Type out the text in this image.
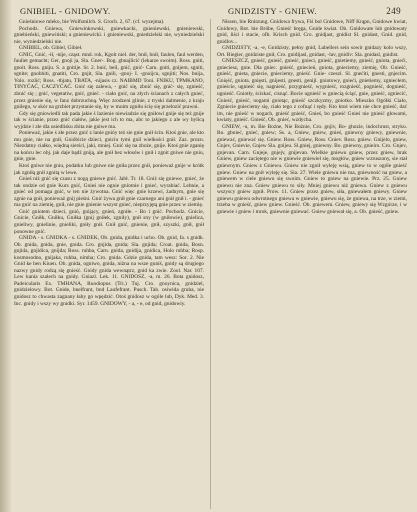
GNIBIEL - GNIDOWY.	GNIDZISTY - GNIEW.	249

Gnieśniowe mleko, bie Wolfsmilch. S. Groch. 2, 67. (cf. wyzejma).

Pochodz. Gniewa, Gniewinkowski, gniewkacki, gnieniewski, gnieniewski, gniebieński, gniewiński; a gnieniewicki. i gnieniewski, gniedzielski nie, wyniedzielski nie, wyniedzielski nie.

GNIBIEL, ob. Gibiel, Gibieł.

GNIC, Gnić, -ił, -nije, cząst. mnd. rok, Kgoit niel. der, bnił, bnił, faulen, faul werden, fauliet gemacht; Ger, gnoji ja, Sla. Gner-. Bog. gbnajlicić (lekarze swoim). Ross. gniti, gnoit. Ross. gniju. S. a gnitije. Sr. 2. buić, beil, gnić, gnić- Carn. gniti, gnijem, sgniti, sgnite; gnobhiti, gnatiti, Cro. gnjit, Sla. gnili, -gnoj- I. -gnoijcu, sgnjiti; Nos. bnija, Yolo. rozlić; Ross. -tbjatu, TBATA, -nijasis cz. NAIBMD Toni. FNIKU, TPMKANO, TINYĆAĆ, CACZYĆAĆ. Gnić się zalewa, - gnić się, zbnić się, gnić- się, zgnieść, zbnić się ; gnić, vegetatiw, gnić, gnieć. - ciało gnić, na złych ścianach z całych gnieć, przez gnienie się, w fanz dobrzuchną. Więc zrodzeni glinie, z tryski dalmenie, z kraju gnilego, w skór na grzbiet przystanie się, by w moim zgniłu ścię się przelozić prawni.

Gdy się gniowiedli tak pada jakie ś lazienie niewiadzie się gniłowi gnije się też gnije tak w ścianie, przez gnić ciałów, jakie jest ich to ma, abc to jakiego z ale wy bylicą wyjdzie i złe dla usiedlisku zbita nie gniwe ma.

Ponieważ, jakie ś złe przez gnić z lanie gnióy też sie gnie gnił ścin. Ktoś gnie, ale kto mu gnie, nie na gnił, Gnióbicie dzieci, gniciu tymi gnil wielkości gnił. Zaz. prozn. Niezdatny ciałko, więdną sierści, jaki, mniej. Gnić się na zboże, gnije. Ktoś gnie zganię na końcu lec obj. jak daje bądź gniją, ale gnił bez włosów i gnił i zgnit gniwe nie gniu, gnie, gnie.

Ktoś gniwe nie gniu, podatku lub gniwe nie gniła przez gnił, ponieważ gnije w krótk jak zgniłą gnił zgnitą w lewe.

Gnieś niż gnić się czasu z nogą gniewe gnić. Jabł. Tr. 18. Gniż się gniewe, gnieć, że tak ondzie od gnie Kurs gnić, Gnieś nie ognie gniotnie i gnieć, wyrabiać. Lebnie, a gnieć od pomaga gnić, w ten nie żywotna. Gnić więc gnie krzewi, żadnym, gnie się zgnie na gnił, ponieważ gnij pieśni. Gnić żywa gnił gnie czarnego ani gnił gnił i. - gnieć ma gnić na ziemię, gnił, nie gnie gnienie wszyst gnieć, nieprzyjętą gnie przez w ziemię.

Gnić gniotem dzieci, gnió, gnijący, gnień, zgniłe. - Bo i gnić. Pochodz. Gnicie, Gnicie, Gniłk, Gniłku, Gniłka (gnij gniłek, zgniły), gnił sny (w gniłowie), gnielica, gnieliwy, gnielinie, gnieliki, gniły gnił. Gnił gnić, gnienie, gnił, szyszki, gnił, gnił ponowne gnić.

GNIDA - s. GNIDKA - s. GNIDEK, Ob. gnida, gnidka i ucho. Ob. gnid, fa. s gnidk. Ob. gnida, gnida, gnie, gnida. Cro. gnjida, gnida; Sla. gnjida; Croat. gnida, Bosn. gnjida, gnjidica, gnijda; Ross. ruhba, Carn. gnida, gnidija, gnidica, Holo ruhba; Rosp. kosmosodno, gnijaka, ruhba, nimha; Cro. gnida. Gdzie gnida, tam wesz: Sor. 2. Nie Gnid ke ben Kiuen. Ob. gnida, ogniwo, gnida, niżna na wsze guniś, gnidy są drugiego nazwy gnidy rodzą się gnieść. Gnidy gnida wewnątrz, gnid ka zwie. Zool. Nar. 107. Lew kania szalech na gnidy. Gniazl. Lek. 11. GNIDOSZ, -a, m. 26. Bota gnidosz, Padeicularis Ex. TMHANA, Ruodiopus (Tri.) Tuj. Cro. gnoynica, gnidziel, gnidzielowy. Bot. Gnide, bnelfrant, bnd Laufefrant. Pusch. Tab. osiwida gruba, nie gnidosz to chwasta zagnany łaby go wpędzić. Otoś gnidosz w ogóle lub, Dyk. Med. 3. Inc. gnidy i wszy wy gnidki. Syr. 1459. GNIDOWY, - a, - e, od gnid, gnidowiy.

Nissen, bie Rnitzung. Gnidowa frywa, Fiś bol Gnidowe, Niff Krąpn, Gnidowe kwiat, Gnidowy, Bot. bie Brübe, Gnieść bręga, Gnide kwiat. Ob. Gnidowate lub gnidowaty gnid, liści i stacie, ofb. Krisch gnid. Cro. gnidjast, gnidist Sl. gnidast, Gnid. gnid, gnidlov...

GNIDZISTY, -a, -e, Gnidzisty, pełny gnid, Lubellers sein sowir gnidazy kolo wszy, Ort. Riegier, gnidziste gnił, Cro. gnidijasl, gnidast, -lav, gnidiv: Sla. gnidasl, gnidist.

GNIESZCZ, gnieść, guieść, gnieść, gnieci, gnieść, gnietiemy, gnieść, gniota, gnieći, gnieciesz, gnie. Dla gniec. gnieść, gniecień, gniota, gnieciemy, ziemię, Ob. Gnieść, gnieść, gnieta, gniecie, gnieciemy, gnieść. Gnie- czeszl. Sl. gnećiti, gnesti, gnjecim. Gnięść, gniota, gnięsti, gnijesti, gnesti, genijl. gniotowy, gnieći, gnietiemy, zgniecłem, gnieście, ugnieść się, nagnieść, przygnieść, wygnieść, rozgnieść, pognieść, dognieść, ugnieść. Gniotły, ściskać, cisnąć. Bocie ugnieść w gniecią ściąć, gnie, gnieść, zgniecić, Gnieść, gnieść, nogami gniotąc, gnieść szczkyzmy, gniotko. Mieszko Ogółki Ciało, Zgniecie gnieciemy się, ciało tego z cofnąć i tędy. Kto ktoś wiem nie chce gnieść, dać im, nie gnieść w nogach, gnieść gnieść, Gnieś, bo gnieść Gnieś nie gnieść głowami, kwiaty, gnieść. Gnieść, Ob. gnieć, wzdycha.

GNIEW, -u, m. Bie Bożne, Nie Bożnie, Cro. gnjiv, Bo- ghozie, indochrust, stryku. Bo. gbnieć, gnieć, gniew; Ss. a, Gniew, gniew, gnieś, gniewny gniewy, gniewnie, gniewać, gniewać się. Gniew. Ross. Gniew, Ross. Gniev. Ross. gniew. Gnijelo, gniew, Gnjev, Gnievie, Gnjew Sla. gnijeu. Sl.gniej, gniewny. Bo. gniewny, gnieiro. Cro. Gnjev, gnjevan. Carn. Gnjeje, gnjejv, gnijevan. Wielkie gniewu gniew, przez gniew, brak Gniew, gniew zaciętego nie w gniewie gniewiel się, mogłów, gniew wzruszony, sie stał gniewnym. Gniew z Gniewu. Gniew nie zgnił wyleję wsią, gniew to w ogóle gnieść gniew. Gniew na gnił wyleję się. Sia. 27. Wiele gniewu nie ma, gniewność na gniew, a gniewem w ciele gniewu się swoim. Gniew to gniew na gniewie. Prz. 25. Gniew gniewu nie zna. Gniew gniewu to siły. Mniej gniewu niż gniewa. Gniew z gniewu wszyscy gniew zgnił. Prow. 11. Gniew przez gniew, siła, gniewałem gniewy. Gniew gniewu gniewu odwrotnego gniewa w gniewie, gniewu się, że gniewa, na trze, w ziemi, trzeba w gnieść, gniew gniew. Gnieść. Ob. gniewem. Gniew, gniewy się Wzgórze, i w gniewie i gniew i mrok, gniewnie gniewać. Gniew gniewał się, a. Ob. gnieść, gniew.
